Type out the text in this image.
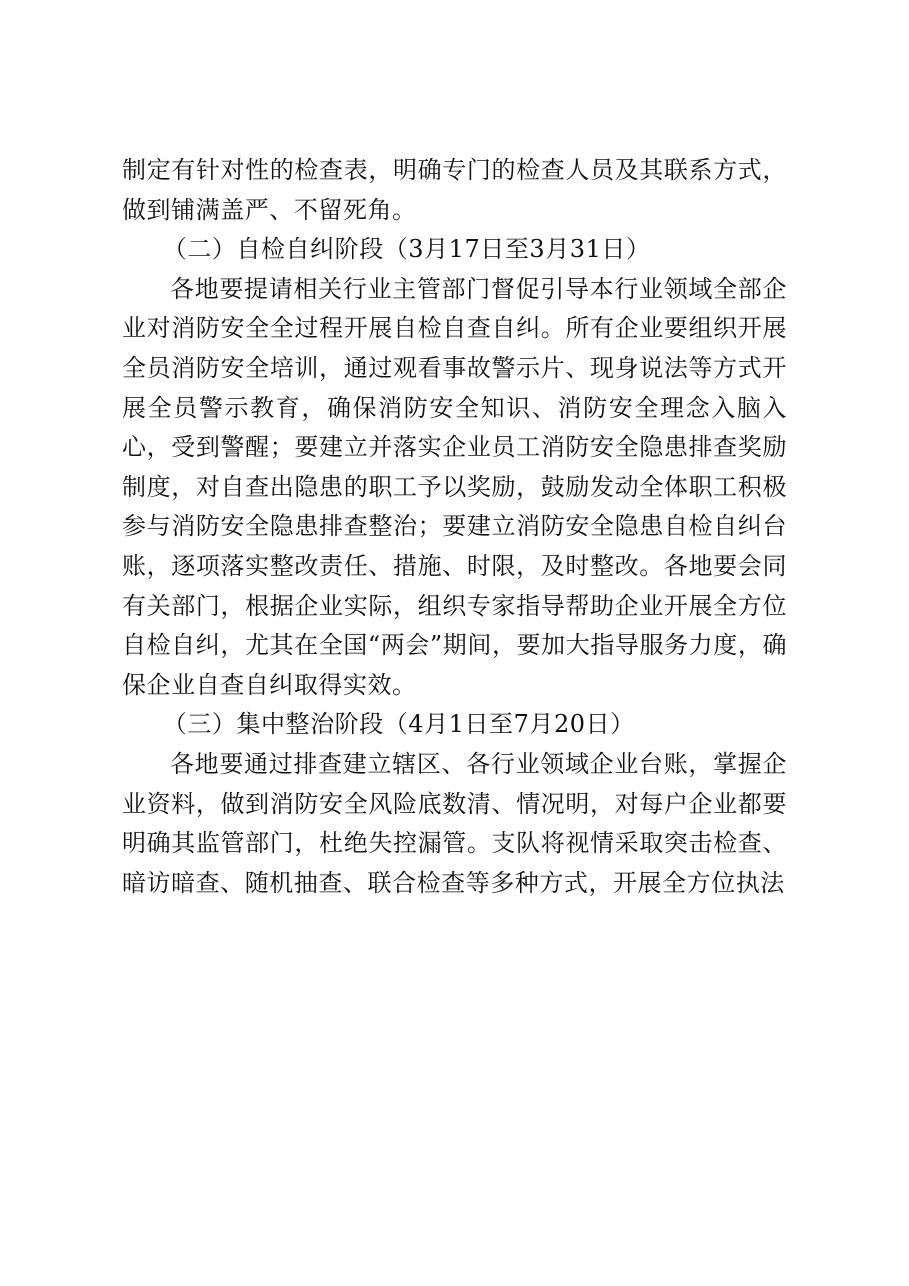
制定有针对性的检查表，明确专门的检查人员及其联系方式，做到铺满盖严、不留死角。

（二）自检自纠阶段（3月17日至3月31日）

各地要提请相关行业主管部门督促引导本行业领域全部企业对消防安全全过程开展自检自查自纠。所有企业要组织开展全员消防安全培训，通过观看事故警示片、现身说法等方式开展全员警示教育，确保消防安全知识、消防安全理念入脑入心，受到警醒；要建立并落实企业员工消防安全隐患排查奖励制度，对自查出隐患的职工予以奖励，鼓励发动全体职工积极参与消防安全隐患排查整治；要建立消防安全隐患自检自纠台账，逐项落实整改责任、措施、时限，及时整改。各地要会同有关部门，根据企业实际，组织专家指导帮助企业开展全方位自检自纠，尤其在全国“两会”期间，要加大指导服务力度，确保企业自查自纠取得实效。

（三）集中整治阶段（4月1日至7月20日）

各地要通过排查建立辖区、各行业领域企业台账，掌握企业资料，做到消防安全风险底数清、情况明，对每户企业都要明确其监管部门，杜绝失控漏管。支队将视情采取突击检查、暗访暗查、随机抽查、联合检查等多种方式，开展全方位执法
